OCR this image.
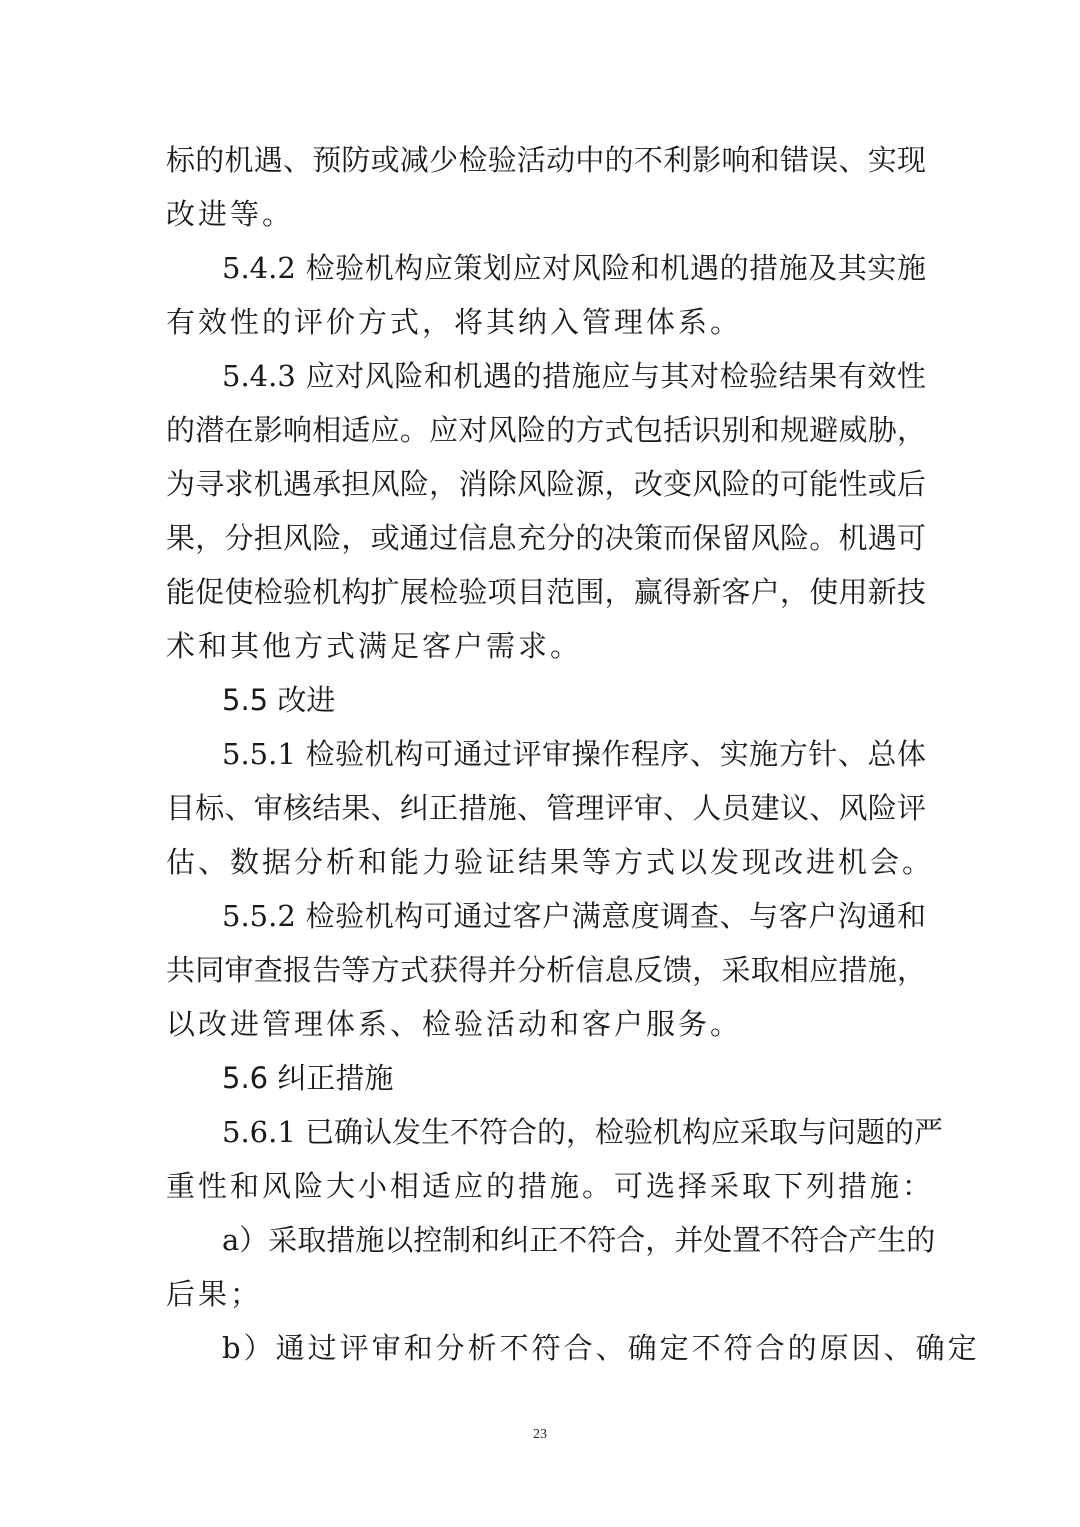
标的机遇、预防或减少检验活动中的不利影响和错误、实现
改进等。
5.4.2 检验机构应策划应对风险和机遇的措施及其实施
有效性的评价方式，将其纳入管理体系。
5.4.3 应对风险和机遇的措施应与其对检验结果有效性
的潜在影响相适应。应对风险的方式包括识别和规避威胁，
为寻求机遇承担风险，消除风险源，改变风险的可能性或后
果，分担风险，或通过信息充分的决策而保留风险。机遇可
能促使检验机构扩展检验项目范围，赢得新客户，使用新技
术和其他方式满足客户需求。
5.5 改进
5.5.1 检验机构可通过评审操作程序、实施方针、总体
目标、审核结果、纠正措施、管理评审、人员建议、风险评
估、数据分析和能力验证结果等方式以发现改进机会。
5.5.2 检验机构可通过客户满意度调查、与客户沟通和
共同审查报告等方式获得并分析信息反馈，采取相应措施，
以改进管理体系、检验活动和客户服务。
5.6 纠正措施
5.6.1 已确认发生不符合的，检验机构应采取与问题的严
重性和风险大小相适应的措施。可选择采取下列措施：
a）采取措施以控制和纠正不符合，并处置不符合产生的
后果；
b）通过评审和分析不符合、确定不符合的原因、确定
23
